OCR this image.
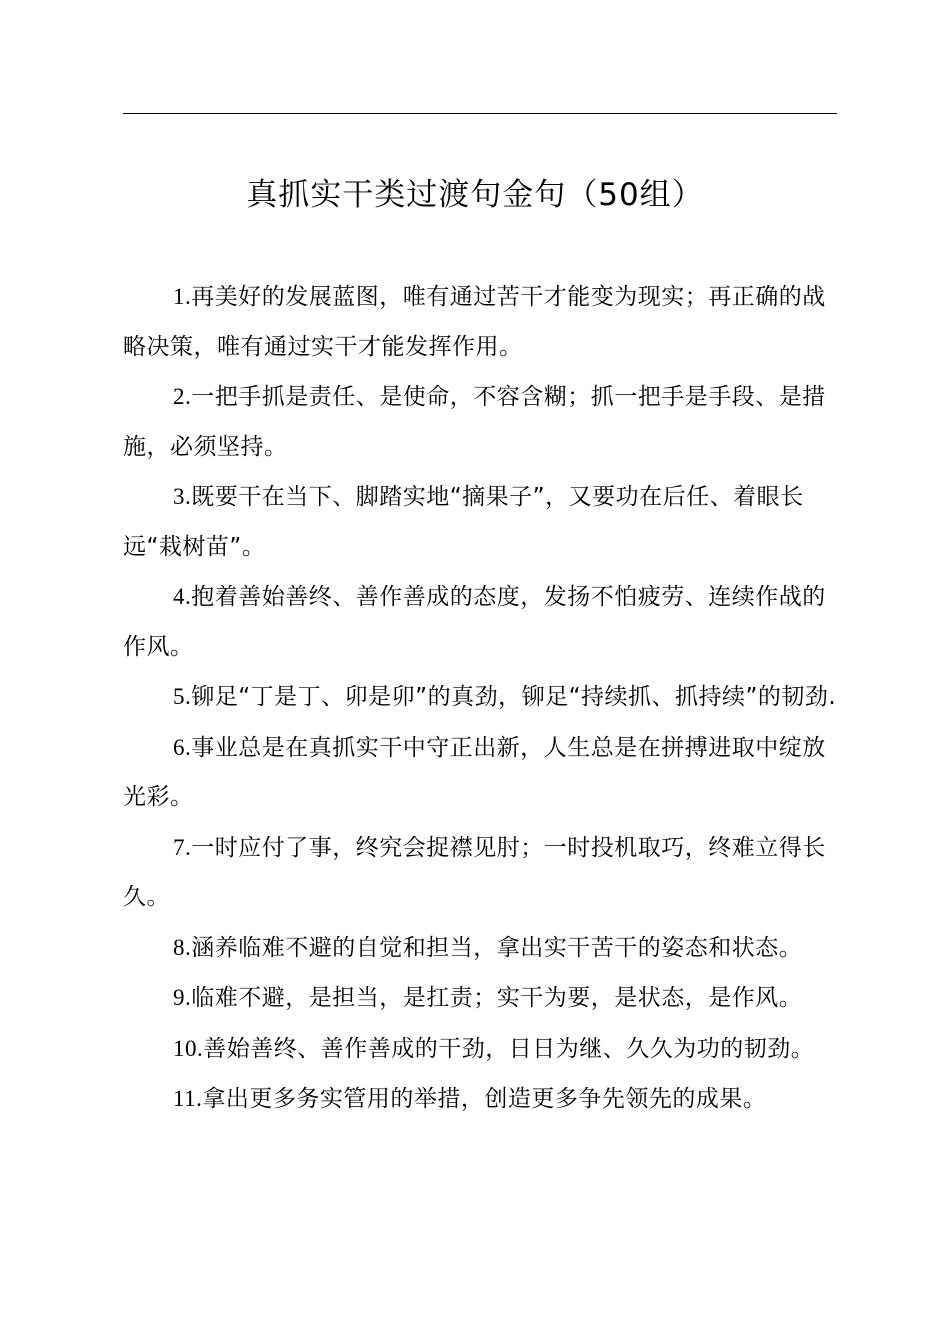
真抓实干类过渡句金句（50组）

1.再美好的发展蓝图，唯有通过苦干才能变为现实；再正确的战略决策，唯有通过实干才能发挥作用。

2.一把手抓是责任、是使命，不容含糊；抓一把手是手段、是措施，必须坚持。

3.既要干在当下、脚踏实地“摘果子”，又要功在后任、着眼长远“栽树苗”。

4.抱着善始善终、善作善成的态度，发扬不怕疲劳、连续作战的作风。

5.铆足“丁是丁、卯是卯”的真劲，铆足“持续抓、抓持续”的韧劲.

6.事业总是在真抓实干中守正出新，人生总是在拼搏进取中绽放光彩。

7.一时应付了事，终究会捉襟见肘；一时投机取巧，终难立得长久。

8.涵养临难不避的自觉和担当，拿出实干苦干的姿态和状态。

9.临难不避，是担当，是扛责；实干为要，是状态，是作风。

10.善始善终、善作善成的干劲，日日为继、久久为功的韧劲。

11.拿出更多务实管用的举措，创造更多争先领先的成果。
